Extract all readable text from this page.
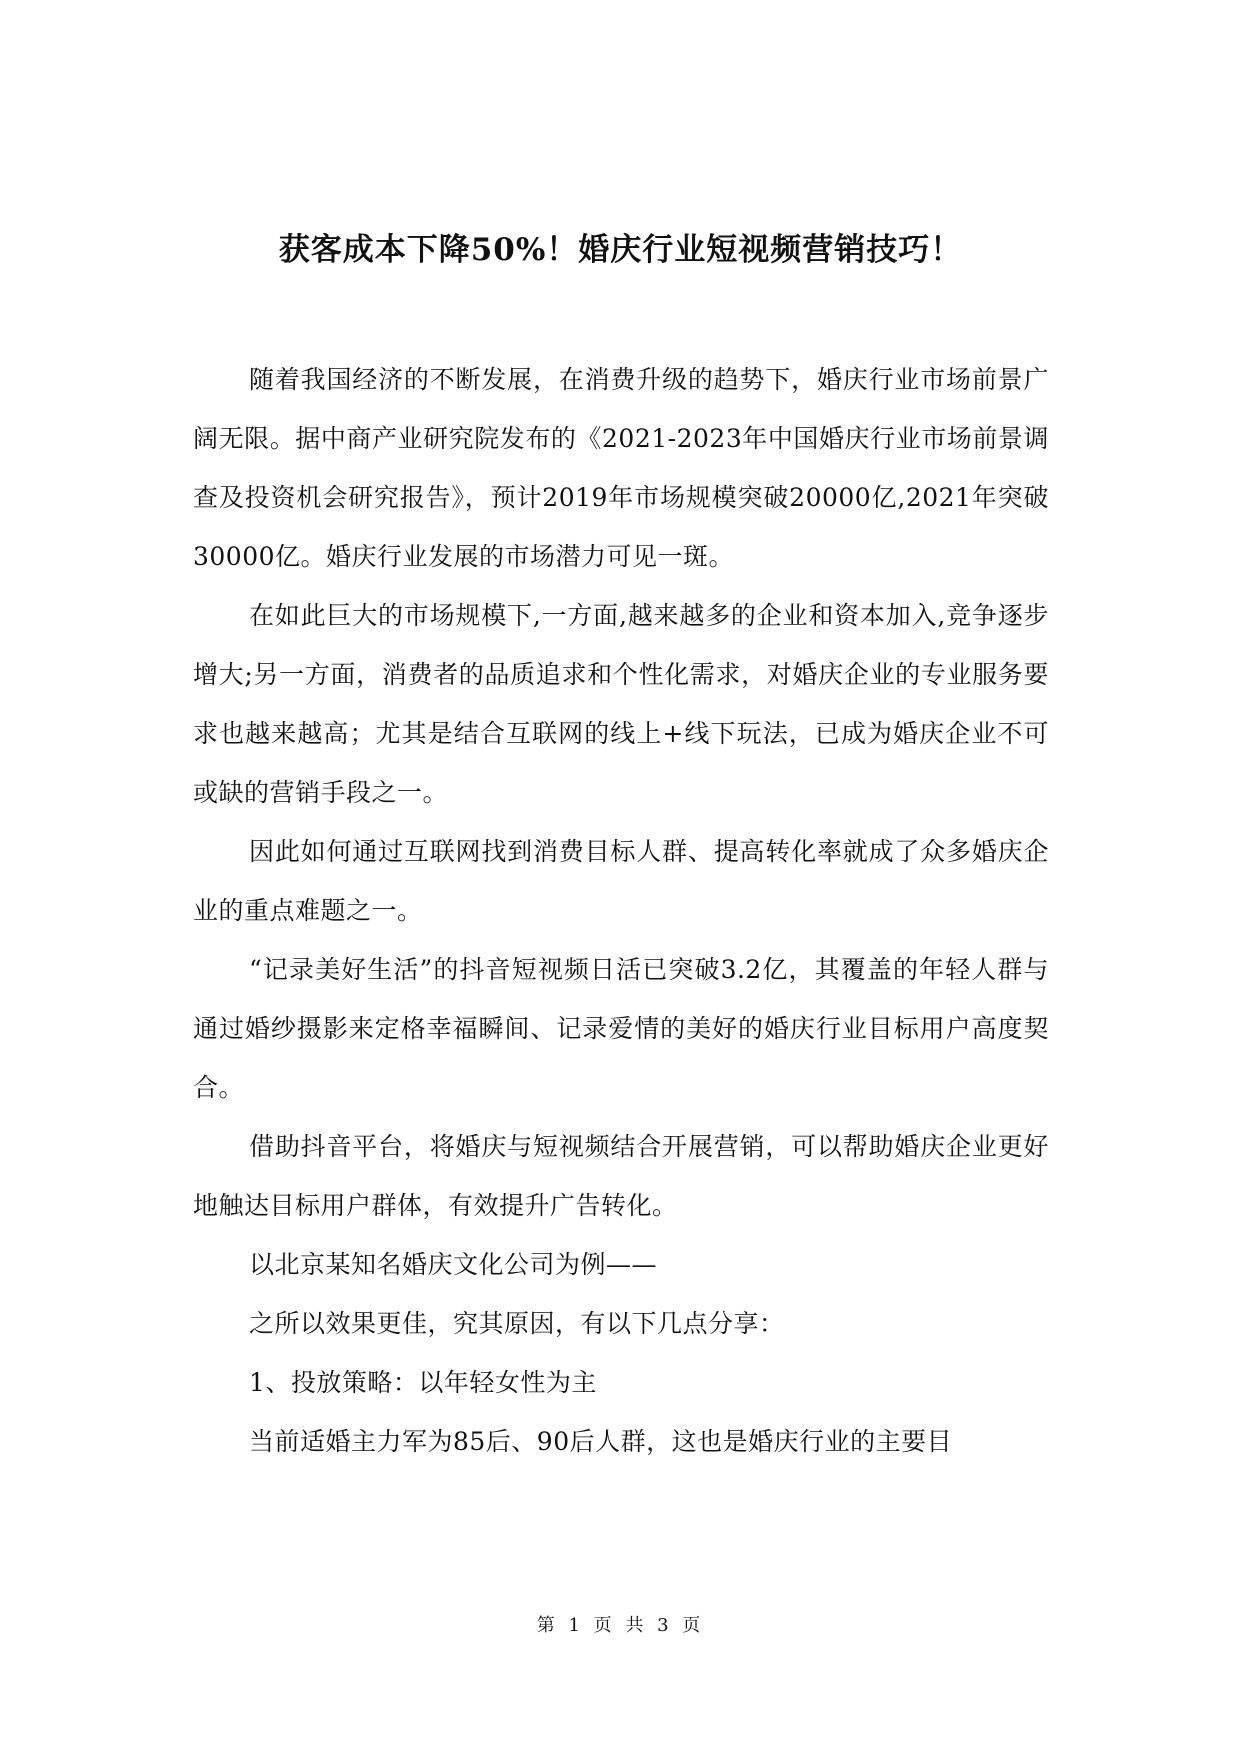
获客成本下降50%！婚庆行业短视频营销技巧！

随着我国经济的不断发展，在消费升级的趋势下，婚庆行业市场前景广阔无限。据中商产业研究院发布的《2021-2023年中国婚庆行业市场前景调查及投资机会研究报告》，预计2019年市场规模突破20000亿,2021年突破30000亿。婚庆行业发展的市场潜力可见一斑。

在如此巨大的市场规模下,一方面,越来越多的企业和资本加入,竞争逐步增大;另一方面，消费者的品质追求和个性化需求，对婚庆企业的专业服务要求也越来越高；尤其是结合互联网的线上+线下玩法，已成为婚庆企业不可或缺的营销手段之一。

因此如何通过互联网找到消费目标人群、提高转化率就成了众多婚庆企业的重点难题之一。

“记录美好生活”的抖音短视频日活已突破3.2亿，其覆盖的年轻人群与通过婚纱摄影来定格幸福瞬间、记录爱情的美好的婚庆行业目标用户高度契合。

借助抖音平台，将婚庆与短视频结合开展营销，可以帮助婚庆企业更好地触达目标用户群体，有效提升广告转化。

以北京某知名婚庆文化公司为例——

之所以效果更佳，究其原因，有以下几点分享：

1、投放策略：以年轻女性为主

当前适婚主力军为85后、90后人群，这也是婚庆行业的主要目

第 1 页 共 3 页
